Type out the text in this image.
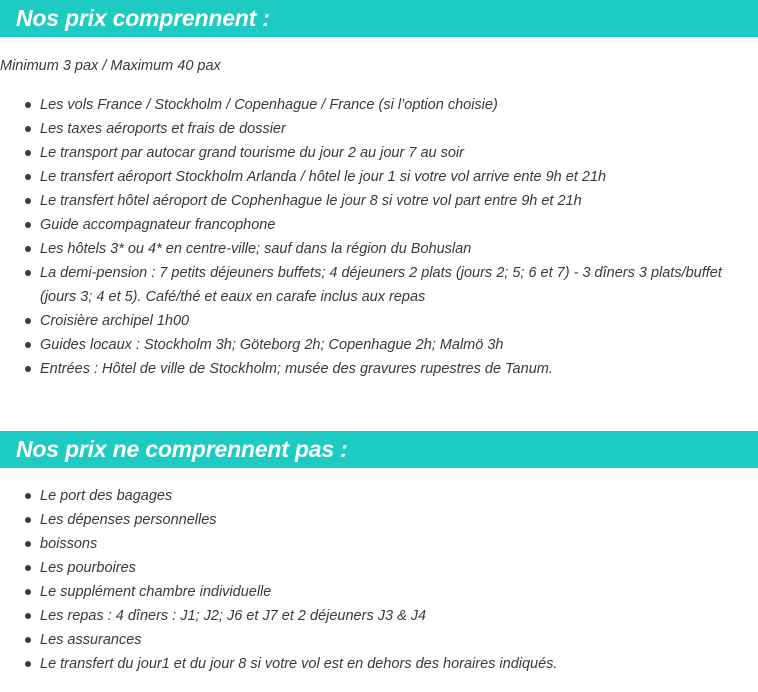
Nos prix comprennent :
Minimum 3 pax / Maximum 40 pax
Les vols France / Stockholm / Copenhague / France (si l’option choisie)
Les taxes aéroports et frais de dossier
Le transport par autocar grand tourisme du jour 2 au jour 7 au soir
Le transfert aéroport Stockholm Arlanda / hôtel le jour 1 si votre vol arrive ente 9h et 21h
Le transfert hôtel aéroport de Cophenhague le jour 8 si votre vol part entre 9h et 21h
Guide accompagnateur francophone
Les hôtels 3* ou 4* en centre-ville; sauf dans la région du Bohuslan
La demi-pension : 7 petits déjeuners buffets; 4 déjeuners 2 plats (jours 2; 5; 6 et 7) - 3 dîners 3 plats/buffet (jours 3; 4 et 5). Café/thé et eaux en carafe inclus aux repas
Croisière archipel 1h00
Guides locaux : Stockholm 3h; Göteborg 2h; Copenhague 2h; Malmö 3h
Entrées : Hôtel de ville de Stockholm; musée des gravures rupestres de Tanum.
Nos prix ne comprennent pas :
Le port des bagages
Les dépenses personnelles
boissons
Les pourboires
Le supplément chambre individuelle
Les repas : 4 dîners : J1; J2; J6 et J7 et 2 déjeuners J3 & J4
Les assurances
Le transfert du jour1 et du jour 8 si votre vol est en dehors des horaires indiqués.
